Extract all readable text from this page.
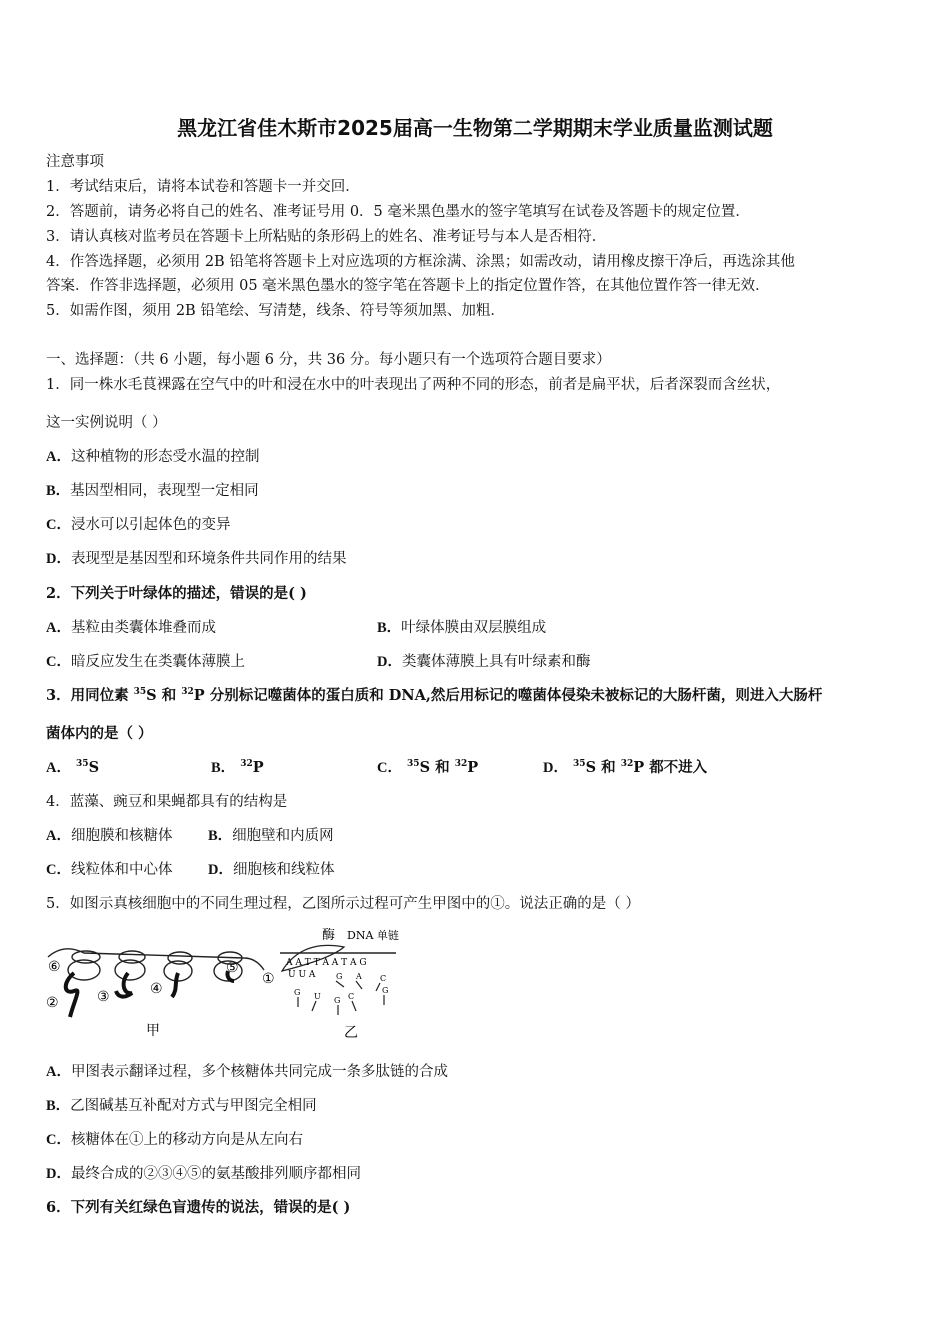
黑龙江省佳木斯市2025届高一生物第二学期期末学业质量监测试题
注意事项
1．考试结束后，请将本试卷和答题卡一并交回．
2．答题前，请务必将自己的姓名、准考证号用 0．5 毫米黑色墨水的签字笔填写在试卷及答题卡的规定位置．
3．请认真核对监考员在答题卡上所粘贴的条形码上的姓名、准考证号与本人是否相符．
4．作答选择题，必须用 2B 铅笔将答题卡上对应选项的方框涂满、涂黑；如需改动，请用橡皮擦干净后，再选涂其他
答案．作答非选择题，必须用 05 毫米黑色墨水的签字笔在答题卡上的指定位置作答，在其他位置作答一律无效．
5．如需作图，须用 2B 铅笔绘、写清楚，线条、符号等须加黑、加粗．
一、选择题：（共 6 小题，每小题 6 分，共 36 分。每小题只有一个选项符合题目要求）
1．同一株水毛茛裸露在空气中的叶和浸在水中的叶表现出了两种不同的形态，前者是扁平状，后者深裂而含丝状，
这一实例说明（ ）
A．这种植物的形态受水温的控制
B．基因型相同，表现型一定相同
C．浸水可以引起体色的变异
D．表现型是基因型和环境条件共同作用的结果
2．下列关于叶绿体的描述，错误的是( )
A．基粒由类囊体堆叠而成	B．叶绿体膜由双层膜组成
C．暗反应发生在类囊体薄膜上	D．类囊体薄膜上具有叶绿素和酶
3．用同位素 $^{35}$S 和 $^{32}$P 分别标记噬菌体的蛋白质和 DNA,然后用标记的噬菌体侵染未被标记的大肠杆菌，则进入大肠杆
菌体内的是（ ）
A． $^{35}$S	B． $^{32}$P	C． $^{35}$S 和 $^{32}$P	D． $^{35}$S 和 $^{32}$P 都不进入
4．蓝藻、豌豆和果蝇都具有的结构是
A．细胞膜和核糖体 B．细胞壁和内质网
C．线粒体和中心体 D．细胞核和线粒体
5．如图示真核细胞中的不同生理过程，乙图所示过程可产生甲图中的①。说法正确的是（ ）
⑥
②	③	④
⑤
①
甲
酶 DNA 单链
A A T T A A T A G
U U A	G A C
G U G C
G
乙
A．甲图表示翻译过程，多个核糖体共同完成一条多肽链的合成
B．乙图碱基互补配对方式与甲图完全相同
C．核糖体在①上的移动方向是从左向右
D．最终合成的②③④⑤的氨基酸排列顺序都相同
6．下列有关红绿色盲遗传的说法，错误的是( )
